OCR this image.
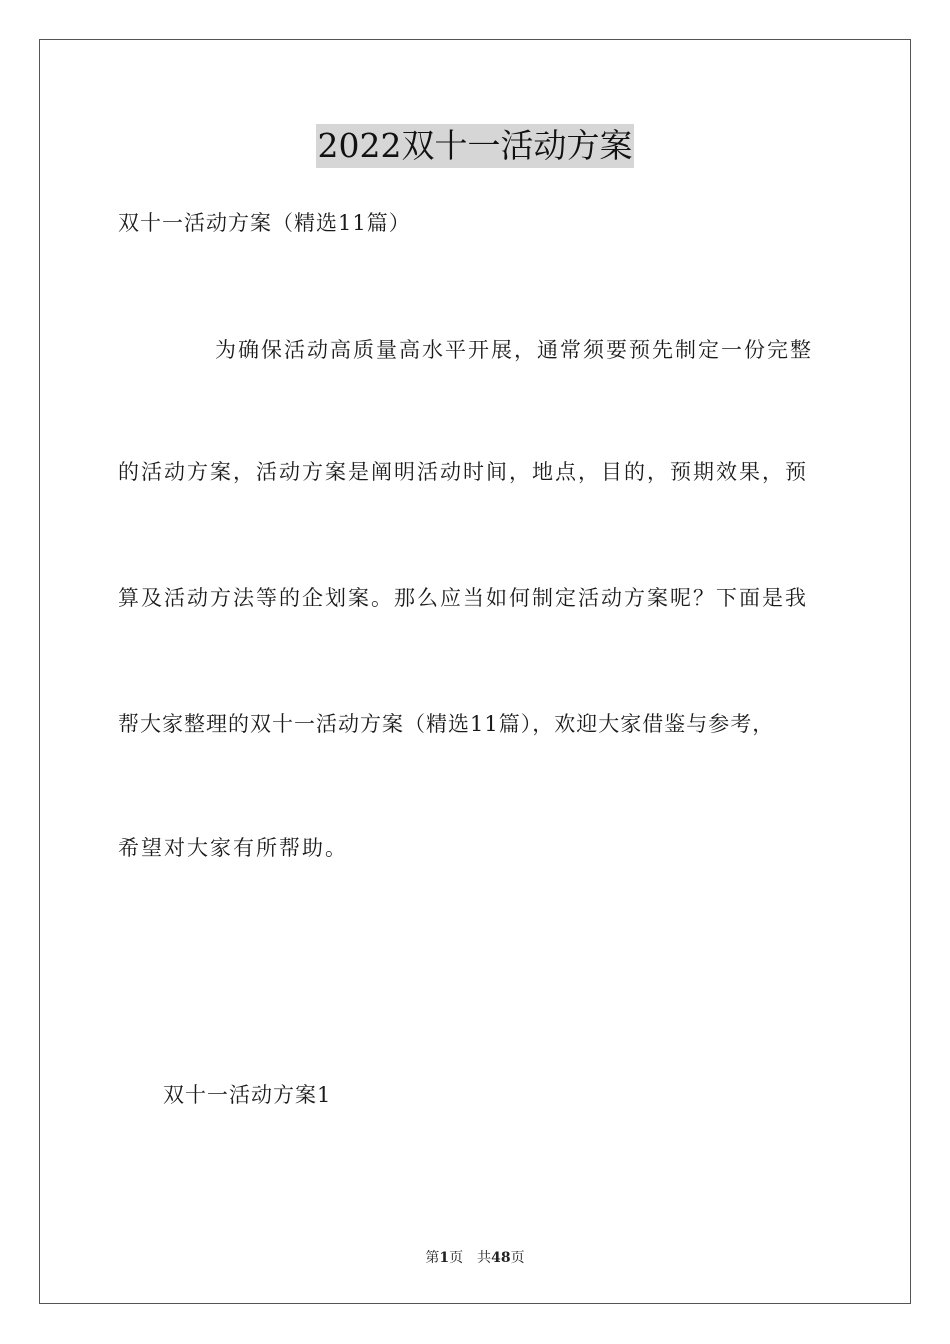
2022双十一活动方案
双十一活动方案（精选11篇）
为确保活动高质量高水平开展，通常须要预先制定一份完整
的活动方案，活动方案是阐明活动时间，地点，目的，预期效果，预
算及活动方法等的企划案。那么应当如何制定活动方案呢？下面是我
帮大家整理的双十一活动方案（精选11篇），欢迎大家借鉴与参考，
希望对大家有所帮助。
双十一活动方案1
第1页 共48页
